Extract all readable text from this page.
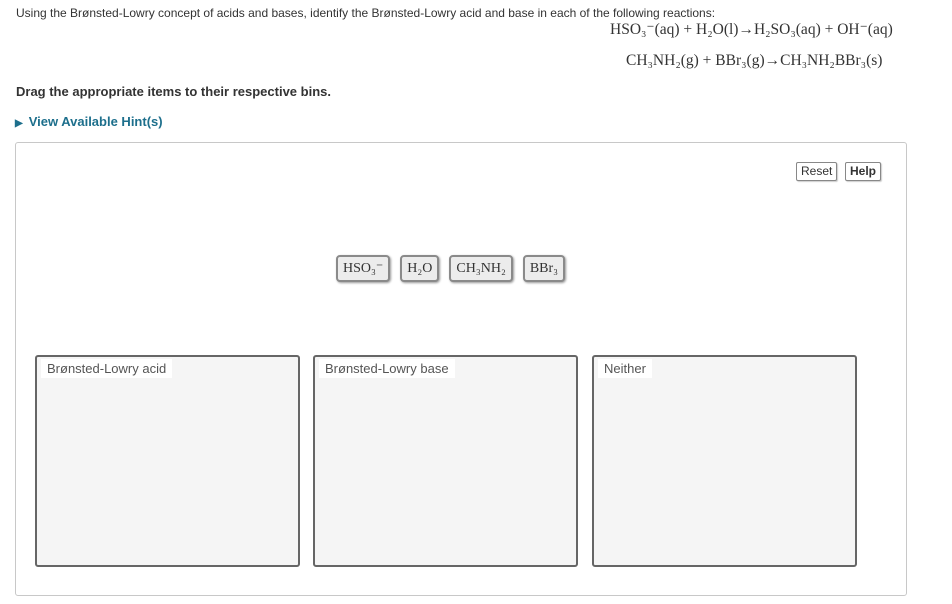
Using the Brønsted-Lowry concept of acids and bases, identify the Brønsted-Lowry acid and base in each of the following reactions:
HSO₃⁻(aq) + H₂O(l)→H₂SO₃(aq) + OH⁻(aq)
CH₃NH₂(g) + BBr₃(g)→CH₃NH₂BBr₃(s)
Drag the appropriate items to their respective bins.
▶ View Available Hint(s)
Reset	Help
HSO₃⁻	H₂O	CH₃NH₂	BBr₃
Brønsted-Lowry acid	Brønsted-Lowry base	Neither
